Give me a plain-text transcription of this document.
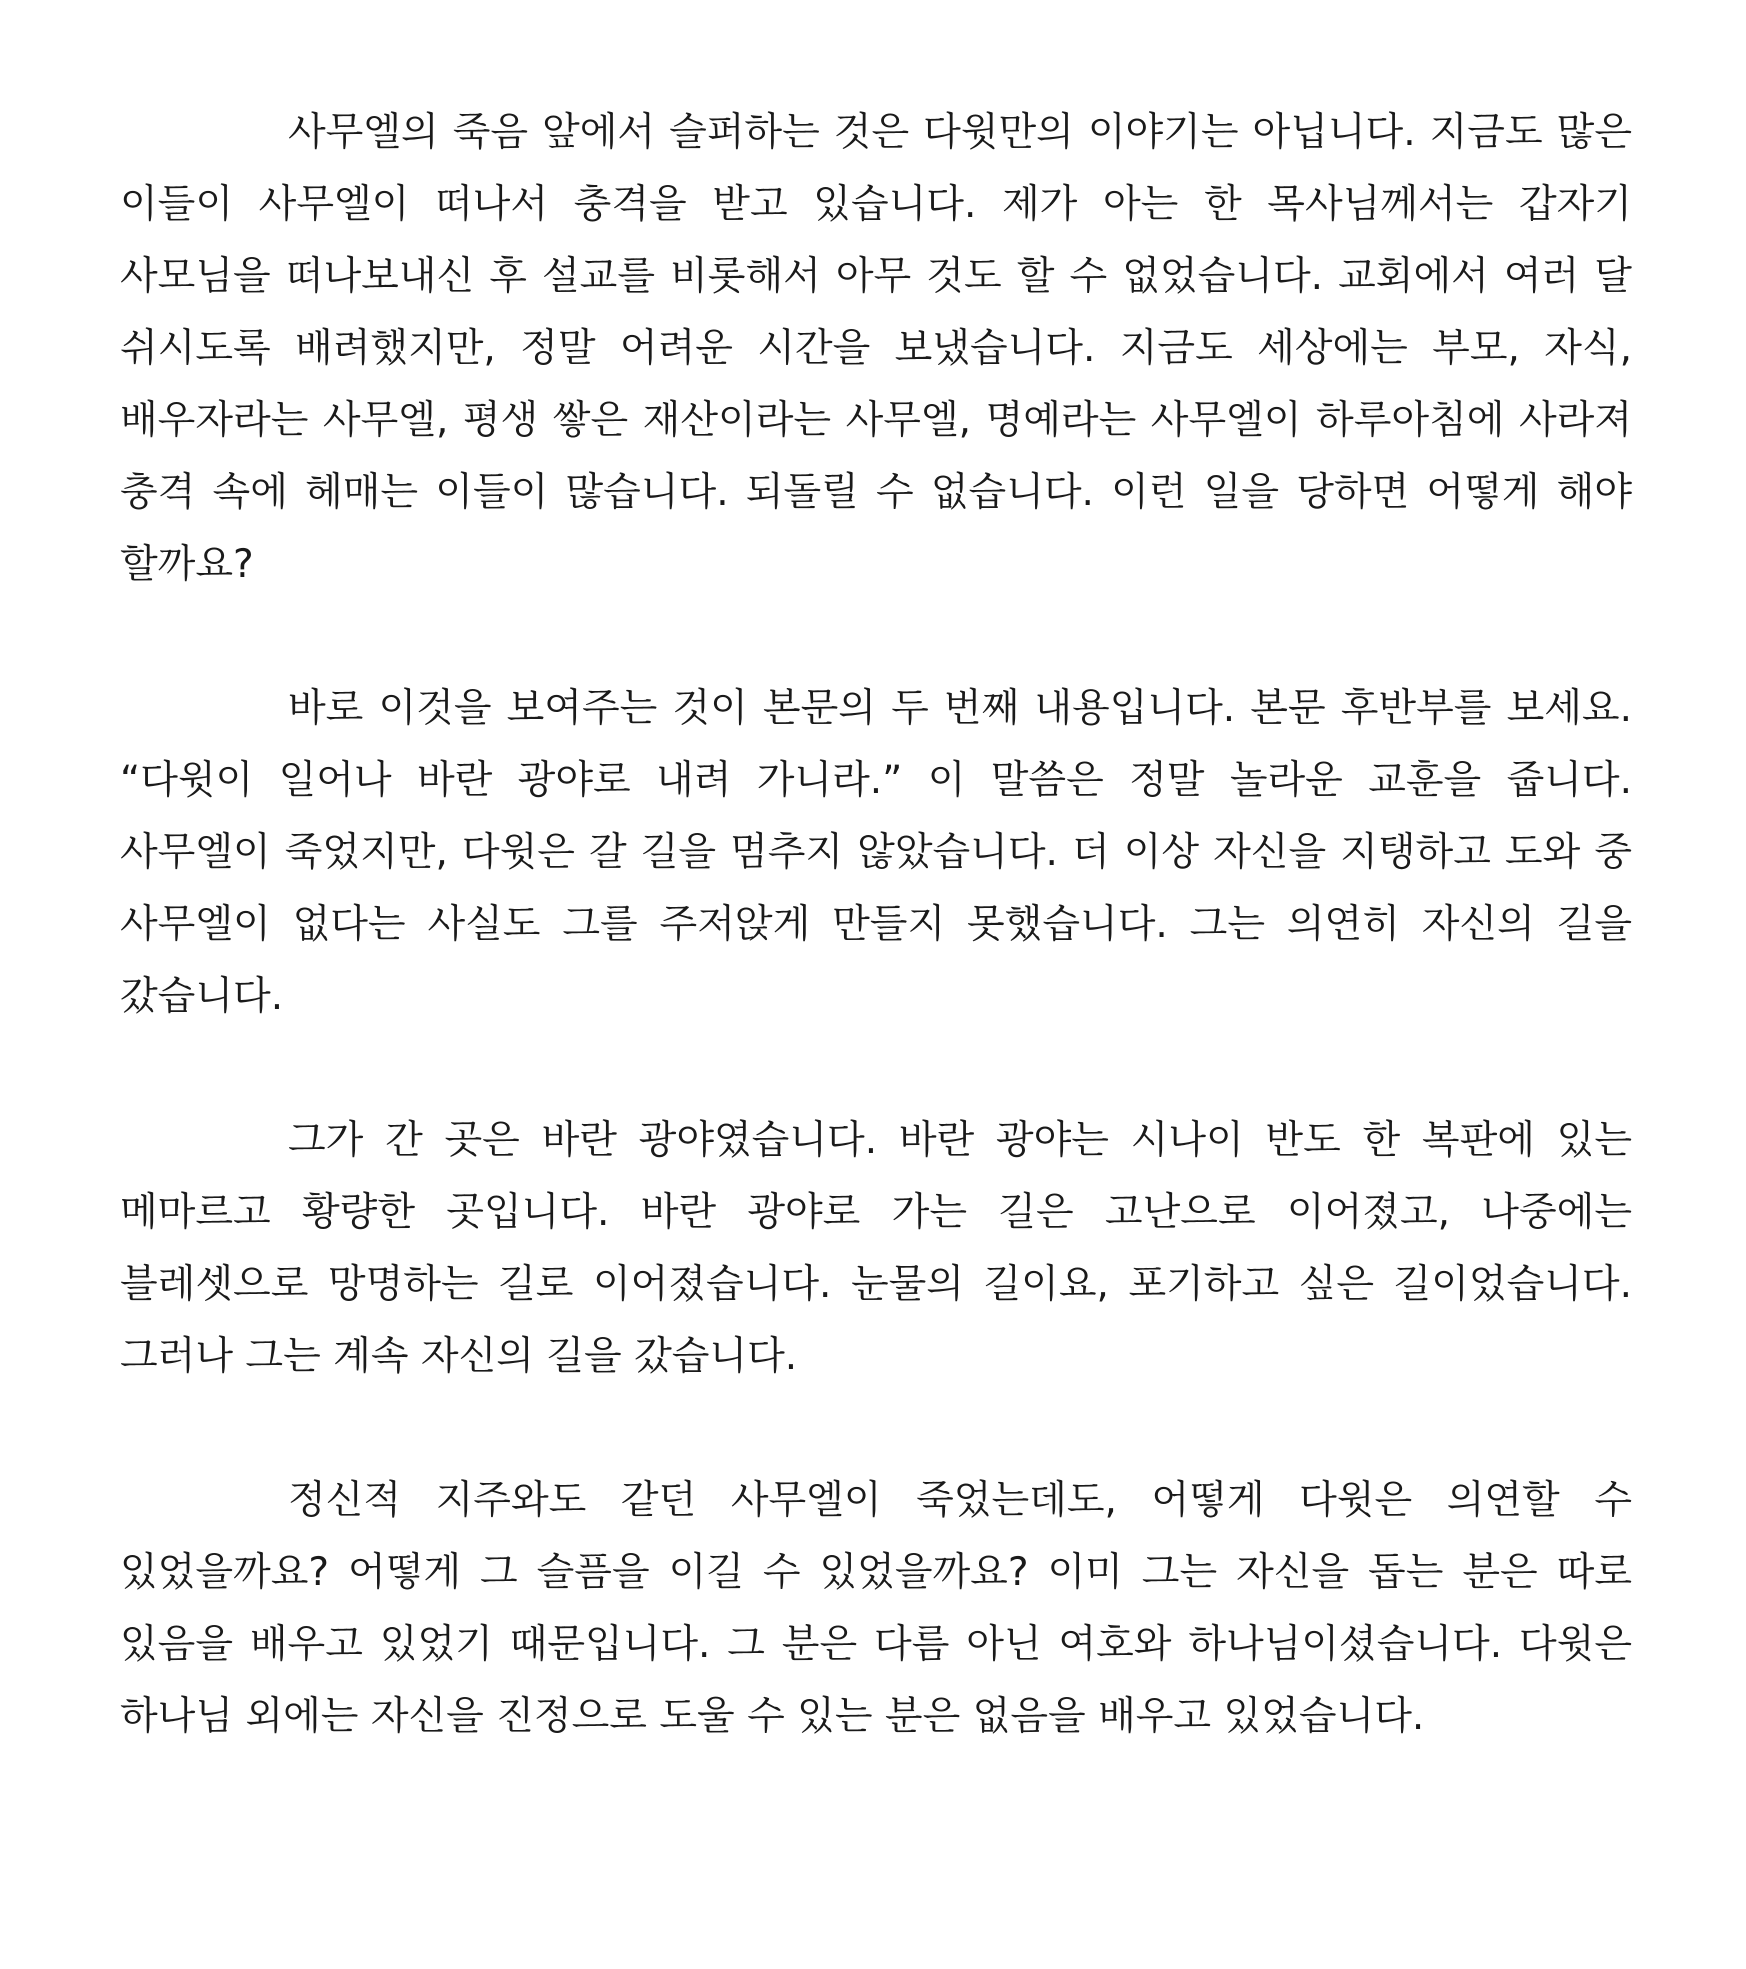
사무엘의 죽음 앞에서 슬퍼하는 것은 다윗만의 이야기는 아닙니다. 지금도 많은 이들이 사무엘이 떠나서 충격을 받고 있습니다. 제가 아는 한 목사님께서는 갑자기 사모님을 떠나보내신 후 설교를 비롯해서 아무 것도 할 수 없었습니다. 교회에서 여러 달 쉬시도록 배려했지만, 정말 어려운 시간을 보냈습니다. 지금도 세상에는 부모, 자식, 배우자라는 사무엘, 평생 쌓은 재산이라는 사무엘, 명예라는 사무엘이 하루아침에 사라져 충격 속에 헤매는 이들이 많습니다. 되돌릴 수 없습니다. 이런 일을 당하면 어떻게 해야 할까요?

바로 이것을 보여주는 것이 본문의 두 번째 내용입니다. 본문 후반부를 보세요. “다윗이 일어나 바란 광야로 내려 가니라.” 이 말씀은 정말 놀라운 교훈을 줍니다. 사무엘이 죽었지만, 다윗은 갈 길을 멈추지 않았습니다. 더 이상 자신을 지탱하고 도와 중 사무엘이 없다는 사실도 그를 주저앉게 만들지 못했습니다. 그는 의연히 자신의 길을 갔습니다.

그가 간 곳은 바란 광야였습니다. 바란 광야는 시나이 반도 한 복판에 있는 메마르고 황량한 곳입니다. 바란 광야로 가는 길은 고난으로 이어졌고, 나중에는 블레셋으로 망명하는 길로 이어졌습니다. 눈물의 길이요, 포기하고 싶은 길이었습니다. 그러나 그는 계속 자신의 길을 갔습니다.

정신적 지주와도 같던 사무엘이 죽었는데도, 어떻게 다윗은 의연할 수 있었을까요? 어떻게 그 슬픔을 이길 수 있었을까요? 이미 그는 자신을 돕는 분은 따로 있음을 배우고 있었기 때문입니다. 그 분은 다름 아닌 여호와 하나님이셨습니다. 다윗은 하나님 외에는 자신을 진정으로 도울 수 있는 분은 없음을 배우고 있었습니다.
